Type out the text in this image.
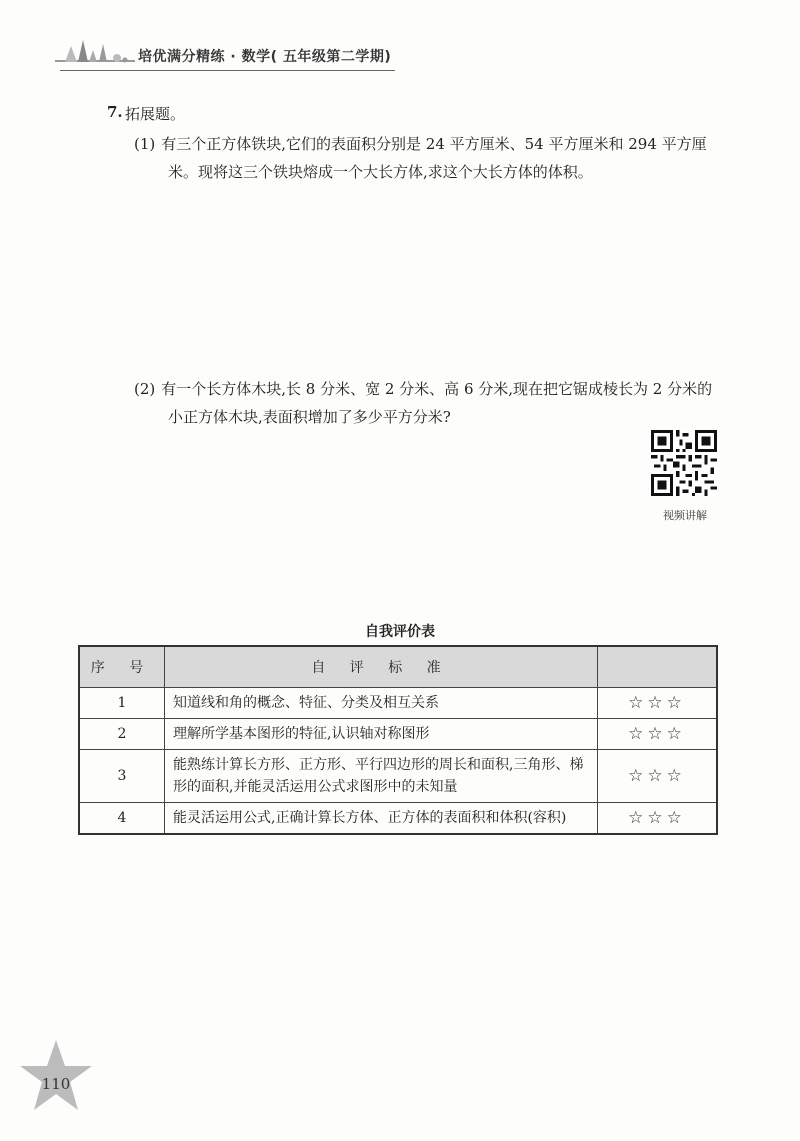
培优满分精练 · 数学( 五年级第二学期)
7. 拓展题。
(1) 有三个正方体铁块,它们的表面积分别是 24 平方厘米、54 平方厘米和 294 平方厘
米。现将这三个铁块熔成一个大长方体,求这个大长方体的体积。
(2) 有一个长方体木块,长 8 分米、宽 2 分米、高 6 分米,现在把它锯成棱长为 2 分米的
小正方体木块,表面积增加了多少平方分米?
视频讲解
自我评价表
序 号	自 评 标 准	
1	知道线和角的概念、特征、分类及相互关系	☆☆☆
2	理解所学基本图形的特征,认识轴对称图形	☆☆☆
3	能熟练计算长方形、正方形、平行四边形的周长和面积,三角形、梯形的面积,并能灵活运用公式求图形中的未知量	☆☆☆
4	能灵活运用公式,正确计算长方体、正方体的表面积和体积(容积)	☆☆☆
110
